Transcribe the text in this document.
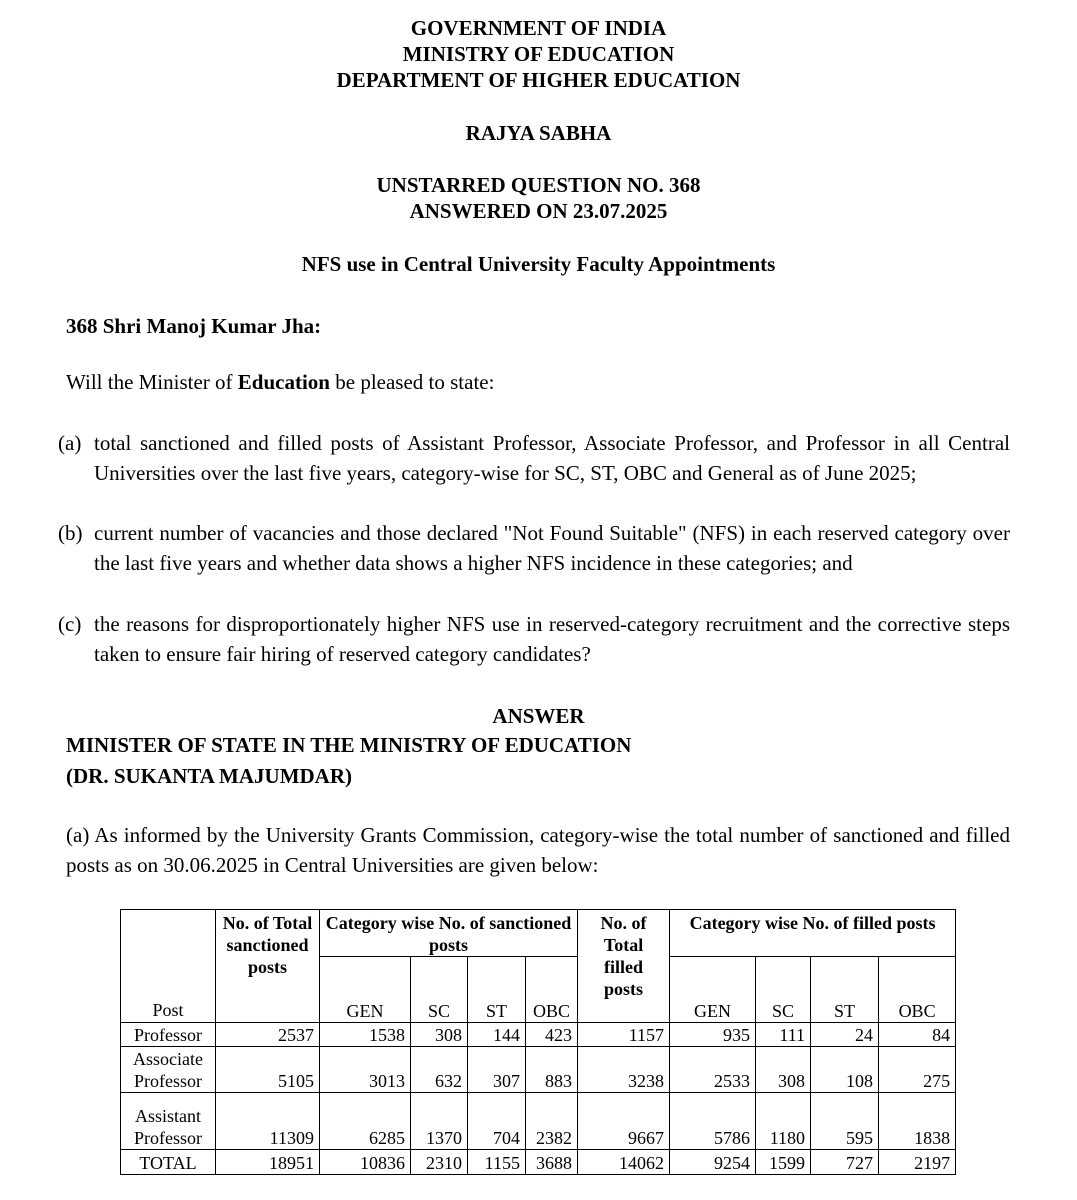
GOVERNMENT OF INDIA
MINISTRY OF EDUCATION
DEPARTMENT OF HIGHER EDUCATION
RAJYA SABHA
UNSTARRED QUESTION NO. 368
ANSWERED ON 23.07.2025
NFS use in Central University Faculty Appointments
368 Shri Manoj Kumar Jha:
Will the Minister of Education be pleased to state:
(a) total sanctioned and filled posts of Assistant Professor, Associate Professor, and Professor in all Central Universities over the last five years, category-wise for SC, ST, OBC and General as of June 2025;
(b) current number of vacancies and those declared "Not Found Suitable" (NFS) in each reserved category over the last five years and whether data shows a higher NFS incidence in these categories; and
(c) the reasons for disproportionately higher NFS use in reserved-category recruitment and the corrective steps taken to ensure fair hiring of reserved category candidates?
ANSWER
MINISTER OF STATE IN THE MINISTRY OF EDUCATION
(DR. SUKANTA MAJUMDAR)
(a) As informed by the University Grants Commission, category-wise the total number of sanctioned and filled posts as on 30.06.2025 in Central Universities are given below:
Post	No. of Total sanctioned posts	Category wise No. of sanctioned posts				No. of Total filled posts	Category wise No. of filled posts			
		GEN	SC	ST	OBC		GEN	SC	ST	OBC
Professor	2537	1538	308	144	423	1157	935	111	24	84

Associate
Professor	5105	3013	632	307	883	3238	2533	308	108	275

Assistant
Professor	11309	6285	1370	704	2382	9667	5786	1180	595	1838
TOTAL	18951	10836	2310	1155	3688	14062	9254	1599	727	2197
